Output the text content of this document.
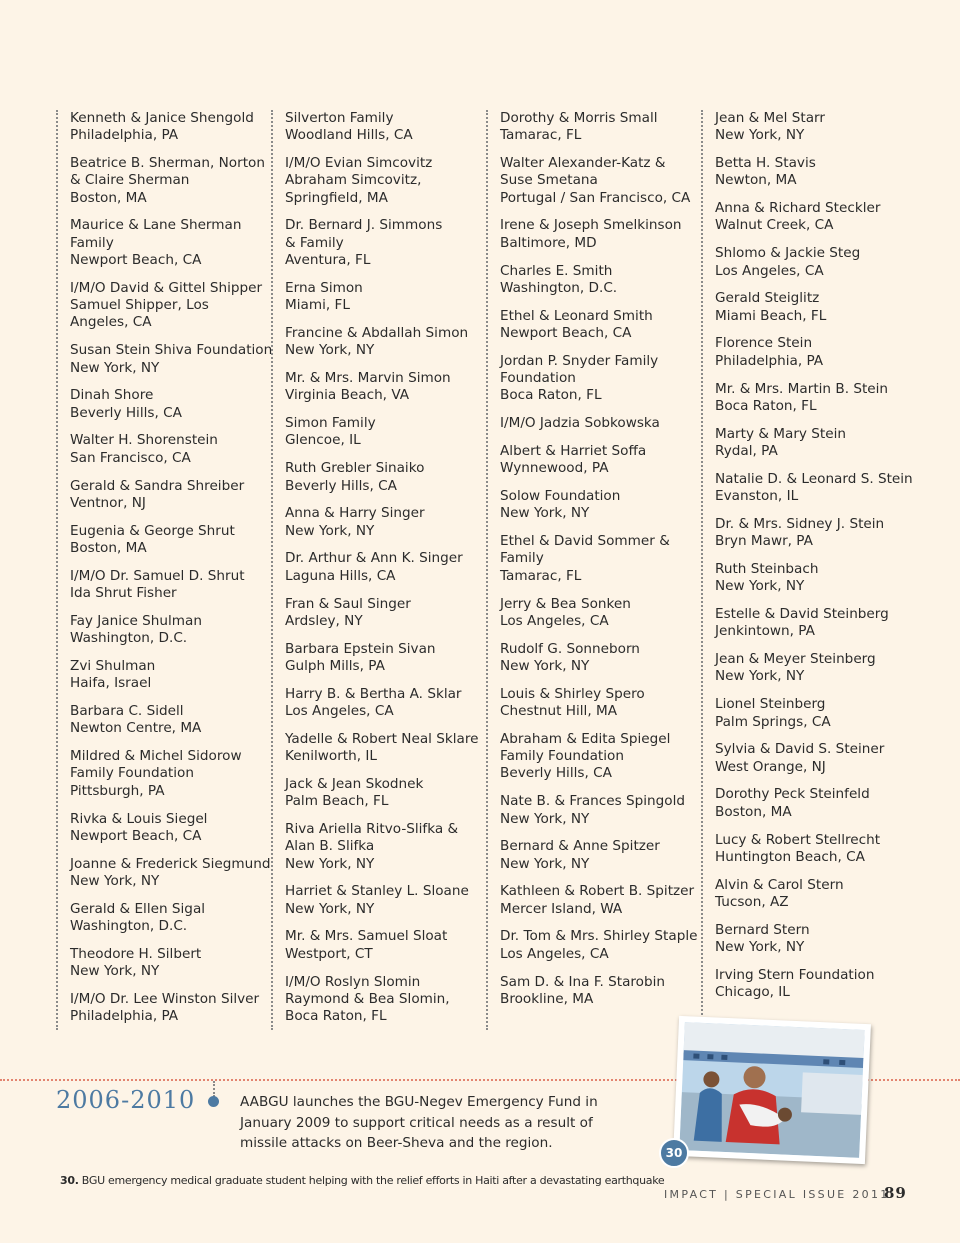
Kenneth & Janice Shengold
Philadelphia, PA
Beatrice B. Sherman, Norton
& Claire Sherman
Boston, MA
Maurice & Lane Sherman
Family
Newport Beach, CA
I/M/O David & Gittel Shipper
Samuel Shipper, Los
Angeles, CA
Susan Stein Shiva Foundation
New York, NY
Dinah Shore
Beverly Hills, CA
Walter H. Shorenstein
San Francisco, CA
Gerald & Sandra Shreiber
Ventnor, NJ
Eugenia & George Shrut
Boston, MA
I/M/O Dr. Samuel D. Shrut
Ida Shrut Fisher
Fay Janice Shulman
Washington, D.C.
Zvi Shulman
Haifa, Israel
Barbara C. Sidell
Newton Centre, MA
Mildred & Michel Sidorow
Family Foundation
Pittsburgh, PA
Rivka & Louis Siegel
Newport Beach, CA
Joanne & Frederick Siegmund
New York, NY
Gerald & Ellen Sigal
Washington, D.C.
Theodore H. Silbert
New York, NY
I/M/O Dr. Lee Winston Silver
Philadelphia, PA
Silverton Family
Woodland Hills, CA
I/M/O Evian Simcovitz
Abraham Simcovitz,
Springfield, MA
Dr. Bernard J. Simmons
& Family
Aventura, FL
Erna Simon
Miami, FL
Francine & Abdallah Simon
New York, NY
Mr. & Mrs. Marvin Simon
Virginia Beach, VA
Simon Family
Glencoe, IL
Ruth Grebler Sinaiko
Beverly Hills, CA
Anna & Harry Singer
New York, NY
Dr. Arthur & Ann K. Singer
Laguna Hills, CA
Fran & Saul Singer
Ardsley, NY
Barbara Epstein Sivan
Gulph Mills, PA
Harry B. & Bertha A. Sklar
Los Angeles, CA
Yadelle & Robert Neal Sklare
Kenilworth, IL
Jack & Jean Skodnek
Palm Beach, FL
Riva Ariella Ritvo-Slifka &
Alan B. Slifka
New York, NY
Harriet & Stanley L. Sloane
New York, NY
Mr. & Mrs. Samuel Sloat
Westport, CT
I/M/O Roslyn Slomin
Raymond & Bea Slomin,
Boca Raton, FL
Dorothy & Morris Small
Tamarac, FL
Walter Alexander-Katz &
Suse Smetana
Portugal / San Francisco, CA
Irene & Joseph Smelkinson
Baltimore, MD
Charles E. Smith
Washington, D.C.
Ethel & Leonard Smith
Newport Beach, CA
Jordan P. Snyder Family
Foundation
Boca Raton, FL
I/M/O Jadzia Sobkowska
Albert & Harriet Soffa
Wynnewood, PA
Solow Foundation
New York, NY
Ethel & David Sommer &
Family
Tamarac, FL
Jerry & Bea Sonken
Los Angeles, CA
Rudolf G. Sonneborn
New York, NY
Louis & Shirley Spero
Chestnut Hill, MA
Abraham & Edita Spiegel
Family Foundation
Beverly Hills, CA
Nate B. & Frances Spingold
New York, NY
Bernard & Anne Spitzer
New York, NY
Kathleen & Robert B. Spitzer
Mercer Island, WA
Dr. Tom & Mrs. Shirley Staple
Los Angeles, CA
Sam D. & Ina F. Starobin
Brookline, MA
Jean & Mel Starr
New York, NY
Betta H. Stavis
Newton, MA
Anna & Richard Steckler
Walnut Creek, CA
Shlomo & Jackie Steg
Los Angeles, CA
Gerald Steiglitz
Miami Beach, FL
Florence Stein
Philadelphia, PA
Mr. & Mrs. Martin B. Stein
Boca Raton, FL
Marty & Mary Stein
Rydal, PA
Natalie D. & Leonard S. Stein
Evanston, IL
Dr. & Mrs. Sidney J. Stein
Bryn Mawr, PA
Ruth Steinbach
New York, NY
Estelle & David Steinberg
Jenkintown, PA
Jean & Meyer Steinberg
New York, NY
Lionel Steinberg
Palm Springs, CA
Sylvia & David S. Steiner
West Orange, NJ
Dorothy Peck Steinfeld
Boston, MA
Lucy & Robert Stellrecht
Huntington Beach, CA
Alvin & Carol Stern
Tucson, AZ
Bernard Stern
New York, NY
Irving Stern Foundation
Chicago, IL
2006-2010	AABGU launches the BGU-Negev Emergency Fund in January 2009 to support critical needs as a result of missile attacks on Beer-Sheva and the region.
30
30. BGU emergency medical graduate student helping with the relief efforts in Haiti after a devastating earthquake
IMPACT | SPECIAL ISSUE 2011
89
